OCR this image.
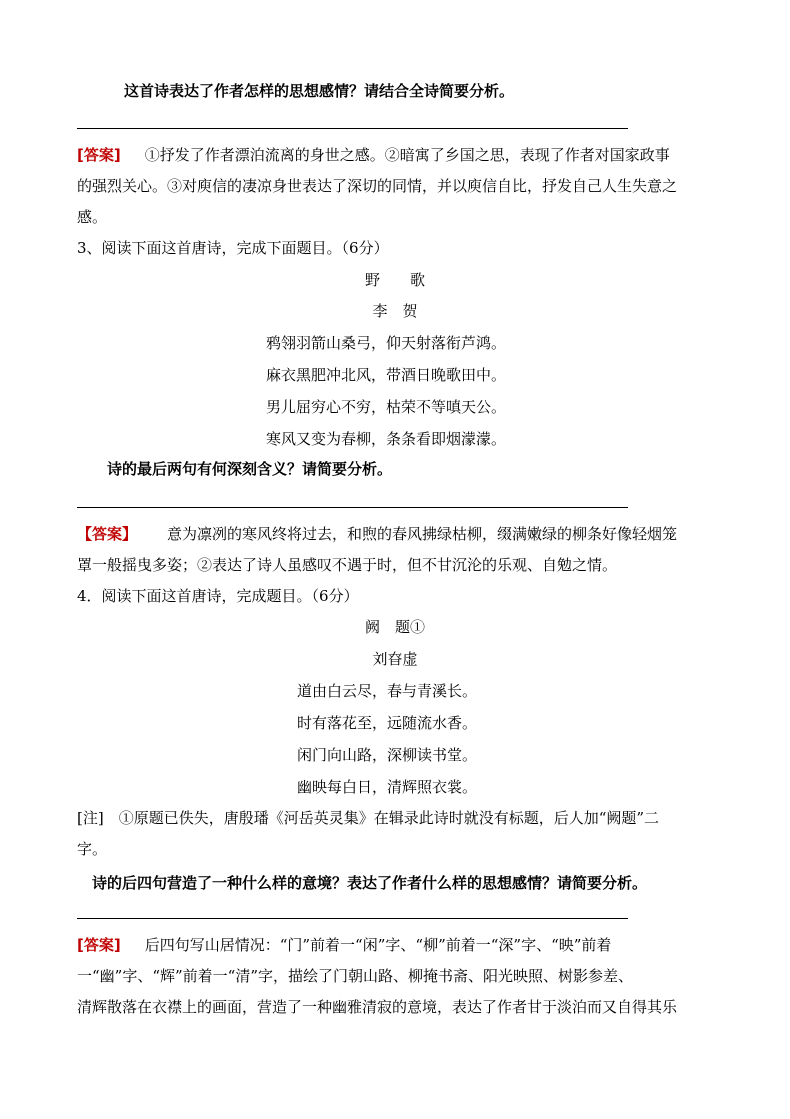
这首诗表达了作者怎样的思想感情？请结合全诗简要分析。
[答案] ①抒发了作者漂泊流离的身世之感。②暗寓了乡国之思，表现了作者对国家政事
的强烈关心。③对庾信的凄凉身世表达了深切的同情，并以庾信自比，抒发自己人生失意之
感。
3、阅读下面这首唐诗，完成下面题目。（6分）
野　　歌
李　贺
鸦翎羽箭山桑弓，仰天射落衔芦鸿。
麻衣黑肥冲北风，带酒日晚歌田中。
男儿屈穷心不穷，枯荣不等嗔天公。
寒风又变为春柳，条条看即烟濛濛。
诗的最后两句有何深刻含义？请简要分析。
【答案】 意为凛冽的寒风终将过去，和煦的春风拂绿枯柳，缀满嫩绿的柳条好像轻烟笼
罩一般摇曳多姿；②表达了诗人虽感叹不遇于时，但不甘沉沦的乐观、自勉之情。
4．阅读下面这首唐诗，完成题目。（6分）
阙　题①
刘昚虚
道由白云尽，春与青溪长。
时有落花至，远随流水香。
闲门向山路，深柳读书堂。
幽映每白日，清辉照衣裳。
[注]　①原题已佚失，唐殷璠《河岳英灵集》在辑录此诗时就没有标题，后人加“阙题”二
字。
诗的后四句营造了一种什么样的意境？表达了作者什么样的思想感情？请简要分析。
[答案] 后四句写山居情况：“门”前着一“闲”字、“柳”前着一“深”字、“映”前着
一“幽”字、“辉”前着一“清”字，描绘了门朝山路、柳掩书斋、阳光映照、树影参差、
清辉散落在衣襟上的画面，营造了一种幽雅清寂的意境，表达了作者甘于淡泊而又自得其乐
